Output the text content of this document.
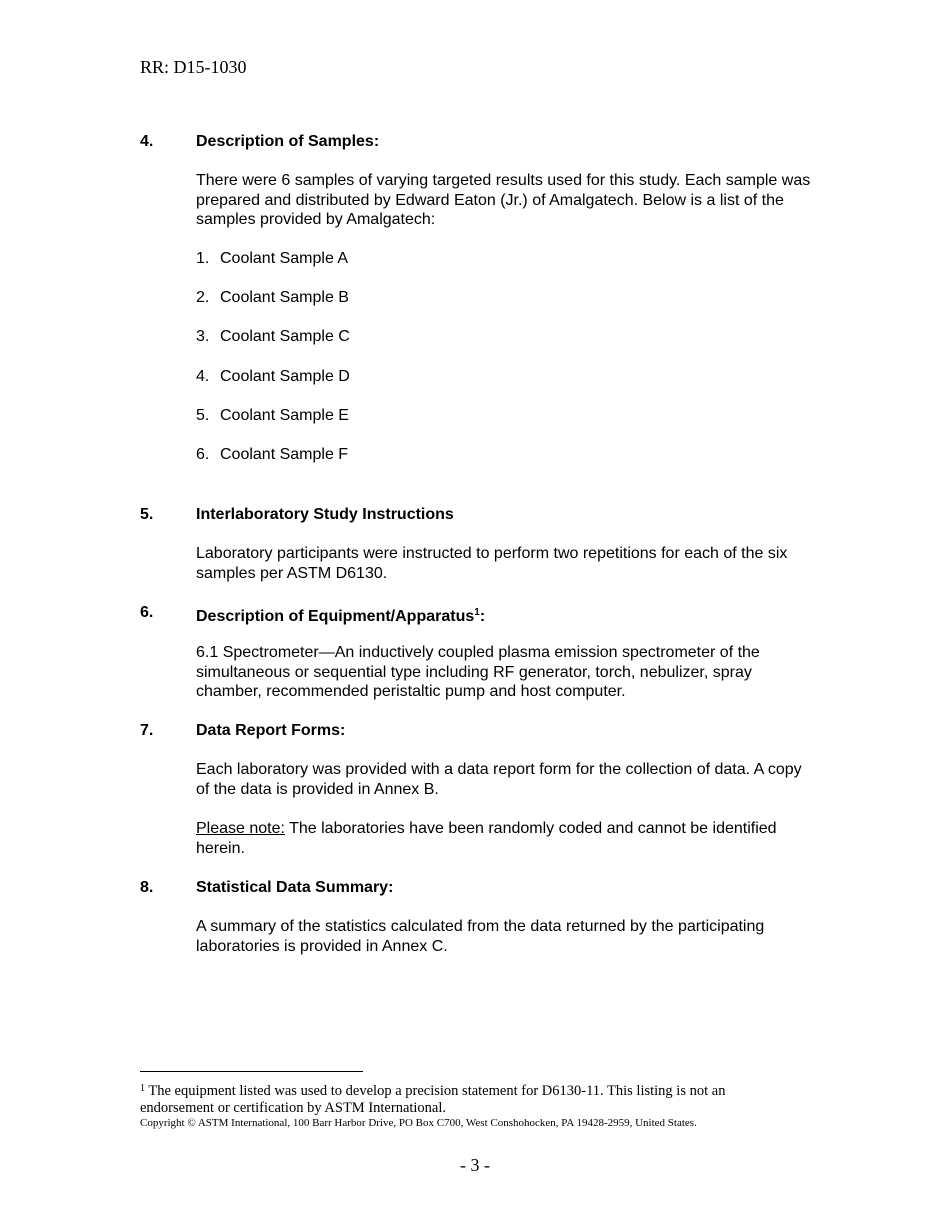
RR: D15-1030
4.	Description of Samples:
There were 6 samples of varying targeted results used for this study. Each sample was prepared and distributed by Edward Eaton (Jr.) of Amalgatech. Below is a list of the samples provided by Amalgatech:
1. Coolant Sample A
2. Coolant Sample B
3. Coolant Sample C
4. Coolant Sample D
5. Coolant Sample E
6. Coolant Sample F
5.	Interlaboratory Study Instructions
Laboratory participants were instructed to perform two repetitions for each of the six samples per ASTM D6130.
6.	Description of Equipment/Apparatus$^1$:
6.1 Spectrometer—An inductively coupled plasma emission spectrometer of the simultaneous or sequential type including RF generator, torch, nebulizer, spray chamber, recommended peristaltic pump and host computer.
7.	Data Report Forms:
Each laboratory was provided with a data report form for the collection of data. A copy of the data is provided in Annex B.
Please note: The laboratories have been randomly coded and cannot be identified herein.
8.	Statistical Data Summary:
A summary of the statistics calculated from the data returned by the participating laboratories is provided in Annex C.
$^1$ The equipment listed was used to develop a precision statement for D6130-11. This listing is not an endorsement or certification by ASTM International.
Copyright © ASTM International, 100 Barr Harbor Drive, PO Box C700, West Conshohocken, PA 19428-2959, United States.
- 3 -
